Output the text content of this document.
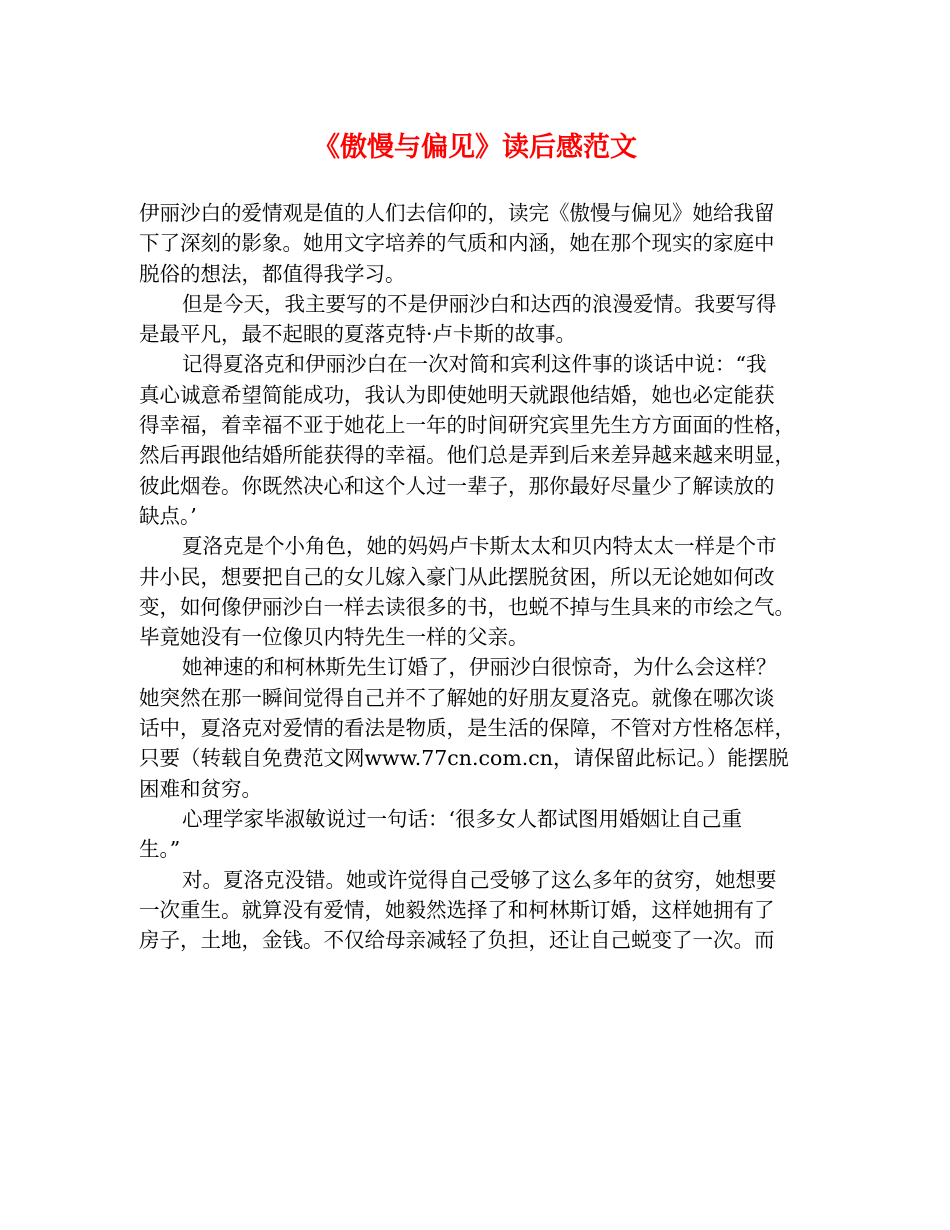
《傲慢与偏见》读后感范文

伊丽沙白的爱情观是值的人们去信仰的，读完《傲慢与偏见》她给我留
下了深刻的影象。她用文字培养的气质和内涵，她在那个现实的家庭中
脱俗的想法，都值得我学习。

但是今天，我主要写的不是伊丽沙白和达西的浪漫爱情。我要写得
是最平凡，最不起眼的夏落克特·卢卡斯的故事。

记得夏洛克和伊丽沙白在一次对简和宾利这件事的谈话中说：“我
真心诚意希望简能成功，我认为即使她明天就跟他结婚，她也必定能获
得幸福，着幸福不亚于她花上一年的时间研究宾里先生方方面面的性格，
然后再跟他结婚所能获得的幸福。他们总是弄到后来差异越来越来明显，
彼此烟卷。你既然决心和这个人过一辈子，那你最好尽量少了解读放的
缺点。’

夏洛克是个小角色，她的妈妈卢卡斯太太和贝内特太太一样是个市
井小民，想要把自己的女儿嫁入豪门从此摆脱贫困，所以无论她如何改
变，如何像伊丽沙白一样去读很多的书，也蜕不掉与生具来的市绘之气。
毕竟她没有一位像贝内特先生一样的父亲。

她神速的和柯林斯先生订婚了，伊丽沙白很惊奇，为什么会这样？
她突然在那一瞬间觉得自己并不了解她的好朋友夏洛克。就像在哪次谈
话中，夏洛克对爱情的看法是物质，是生活的保障，不管对方性格怎样，
只要（转载自免费范文网www.77cn.com.cn，请保留此标记。）能摆脱
困难和贫穷。

心理学家毕淑敏说过一句话：‘很多女人都试图用婚姻让自己重
生。”

对。夏洛克没错。她或许觉得自己受够了这么多年的贫穷，她想要
一次重生。就算没有爱情，她毅然选择了和柯林斯订婚，这样她拥有了
房子，土地，金钱。不仅给母亲减轻了负担，还让自己蜕变了一次。而
